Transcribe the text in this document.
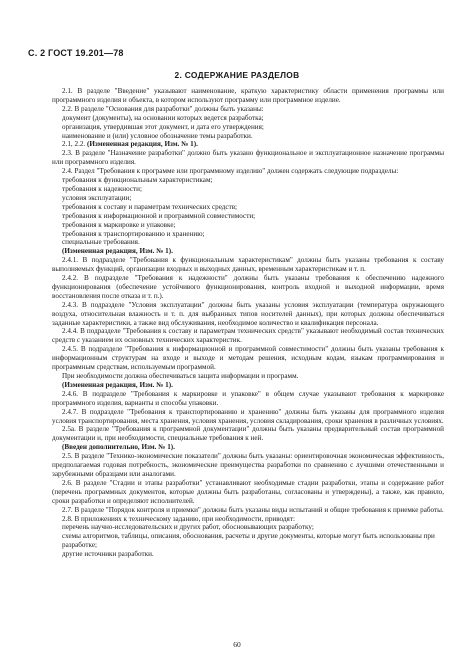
С. 2 ГОСТ 19.201—78
2. СОДЕРЖАНИЕ РАЗДЕЛОВ
2.1. В разделе "Введение" указывают наименование, краткую характеристику области применения программы или программного изделия и объекта, в котором используют программу или программное изделие.
2.2. В разделе "Основания для разработки" должны быть указаны:
документ (документы), на основании которых ведется разработка;
организация, утвердившая этот документ, и дата его утверждения;
наименование и (или) условное обозначение темы разработки.
2.1, 2.2. (Измененная редакция, Изм. № 1).
2.3. В разделе "Назначение разработки" должно быть указано функциональное и эксплуатационное назначение программы или программного изделия.
2.4. Раздел "Требования к программе или программному изделию" должен содержать следующие подразделы:
требования к функциональным характеристикам;
требования к надежности;
условия эксплуатации;
требования к составу и параметрам технических средств;
требования к информационной и программной совместимости;
требования к маркировке и упаковке;
требования к транспортированию и хранению;
специальные требования.
(Измененная редакция, Изм. № 1).
2.4.1. В подразделе "Требования к функциональным характеристикам" должны быть указаны требования к составу выполняемых функций, организации входных и выходных данных, временным характеристикам и т. п.
2.4.2. В подразделе "Требования к надежности" должны быть указаны требования к обеспечению надежного функционирования (обеспечение устойчивого функционирования, контроль входной и выходной информации, время восстановления после отказа и т. п.).
2.4.3. В подразделе "Условия эксплуатации" должны быть указаны условия эксплуатации (температура окружающего воздуха, относительная влажность и т. п. для выбранных типов носителей данных), при которых должны обеспечиваться заданные характеристики, а также вид обслуживания, необходимое количество и квалификация персонала.
2.4.4. В подразделе "Требования к составу и параметрам технических средств" указывают необходимый состав технических средств с указанием их основных технических характеристик.
2.4.5. В подразделе "Требования к информационной и программной совместимости" должны быть указаны требования к информационным структурам на входе и выходе и методам решения, исходным кодам, языкам программирования и программным средствам, используемым программой.
При необходимости должна обеспечиваться защита информации и программ.
(Измененная редакция, Изм. № 1).
2.4.6. В подразделе "Требования к маркировке и упаковке" в общем случае указывают требования к маркировке программного изделия, варианты и способы упаковки.
2.4.7. В подразделе "Требования к транспортированию и хранению" должны быть указаны для программного изделия условия транспортирования, места хранения, условия хранения, условия складирования, сроки хранения в различных условиях.
2.5а. В разделе "Требования к программной документации" должны быть указаны предварительный состав программной документации и, при необходимости, специальные требования к ней.
(Введен дополнительно, Изм. № 1).
2.5. В разделе "Технико-экономические показатели" должны быть указаны: ориентировочная экономическая эффективность, предполагаемая годовая потребность, экономические преимущества разработки по сравнению с лучшими отечественными и зарубежными образцами или аналогами.
2.6. В разделе "Стадии и этапы разработки" устанавливают необходимые стадии разработки, этапы и содержание работ (перечень программных документов, которые должны быть разработаны, согласованы и утверждены), а также, как правило, сроки разработки и определяют исполнителей.
2.7. В разделе "Порядок контроля и приемки" должны быть указаны виды испытаний и общие требования к приемке работы.
2.8. В приложениях к техническому заданию, при необходимости, приводят:
перечень научно-исследовательских и других работ, обосновывающих разработку;
схемы алгоритмов, таблицы, описания, обоснования, расчеты и другие документы, которые могут быть использованы при разработке;
другие источники разработки.
60
